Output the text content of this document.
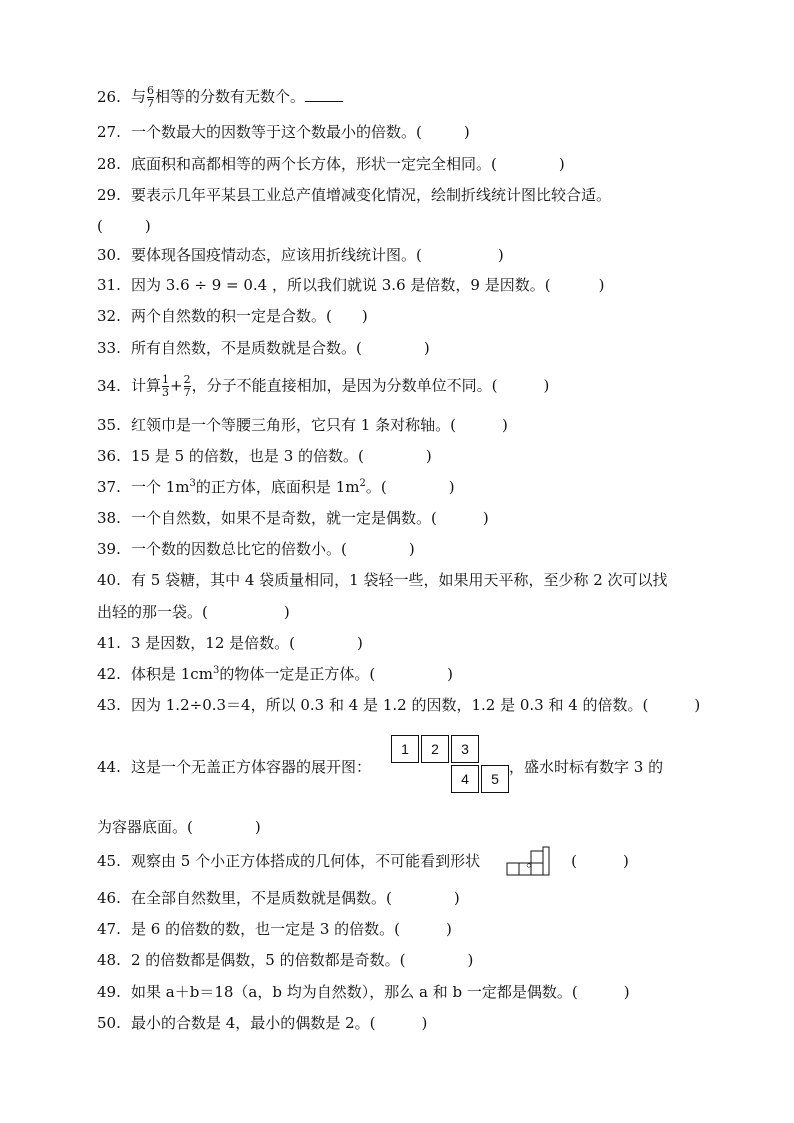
26. 与 $\frac{6}{7}$ 相等的分数有无数个。
27. 一个数最大的因数等于这个数最小的倍数。(	)
28. 底面积和高都相等的两个长方体，形状一定完全相同。(	)
29. 要表示几年平某县工业总产值增减变化情况，绘制折线统计图比较合适。
(	)
30. 要体现各国疫情动态，应该用折线统计图。(	)
31. 因为 3.6 ÷ 9 = 0.4 ，所以我们就说 3.6 是倍数，9 是因数。(	)
32. 两个自然数的积一定是合数。( )
33. 所有自然数，不是质数就是合数。(	)
34. 计算 $\frac{1}{3} + \frac{2}{7}$ ，分子不能直接相加，是因为分数单位不同。(	)
35. 红领巾是一个等腰三角形，它只有 1 条对称轴。(	)
36. 15 是 5 的倍数，也是 3 的倍数。(	)
37. 一个 $1m^3$的正方体，底面积是 $1m^2$。(	)
38. 一个自然数，如果不是奇数，就一定是偶数。(	)
39. 一个数的因数总比它的倍数小。(	)
40. 有 5 袋糖，其中 4 袋质量相同，1 袋轻一些，如果用天平称，至少称 2 次可以找
出轻的那一袋。(	)
41. 3 是因数，12 是倍数。(	)
42. 体积是 $1cm^3$的物体一定是正方体。(	)
43. 因为 1.2÷0.3＝4，所以 0.3 和 4 是 1.2 的因数，1.2 是 0.3 和 4 的倍数。(	)
44. 这是一个无盖正方体容器的展开图：	，盛水时标有数字 3 的
1	2	3
4	5
为容器底面。(	)
45. 观察由 5 个小正方体搭成的几何体，不可能看到形状	。 (	)
46. 在全部自然数里，不是质数就是偶数。(	)
47. 是 6 的倍数的数，也一定是 3 的倍数。(	)
48. 2 的倍数都是偶数，5 的倍数都是奇数。(	)
49. 如果 a＋b＝18（a，b 均为自然数），那么 a 和 b 一定都是偶数。(	)
50. 最小的合数是 4，最小的偶数是 2。(	)
